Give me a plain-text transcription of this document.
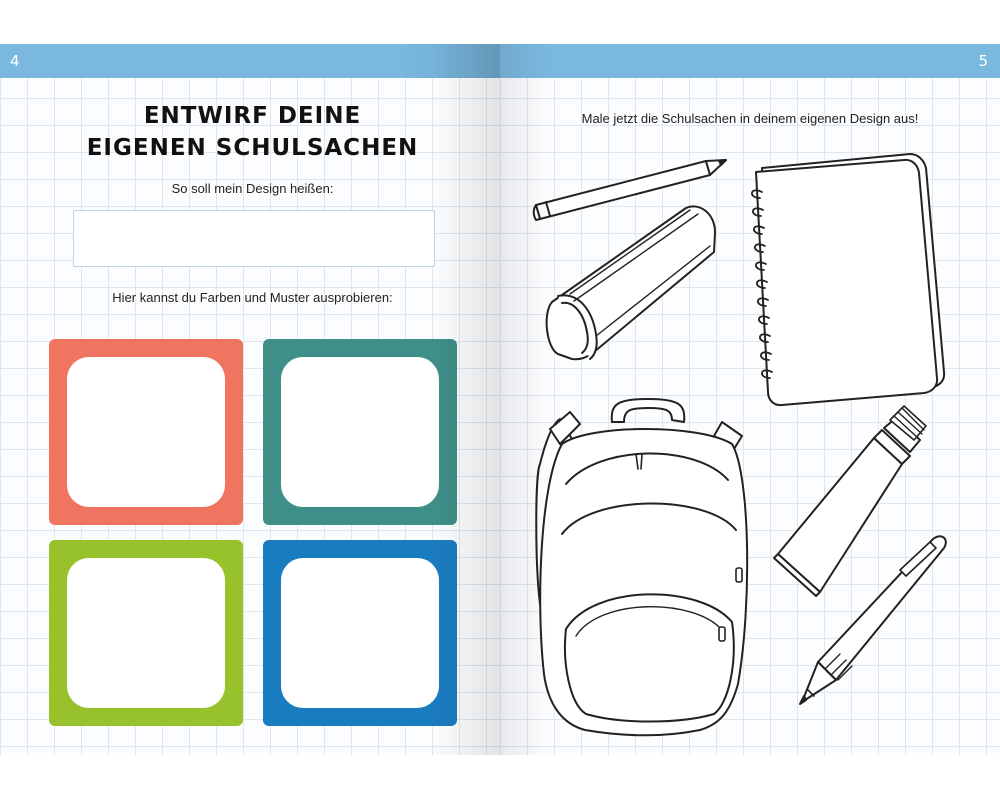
4
ENTWIRF DEINE
EIGENEN SCHULSACHEN
So soll mein Design heißen:
Hier kannst du Farben und Muster ausprobieren:
5
Male jetzt die Schulsachen in deinem eigenen Design aus!
